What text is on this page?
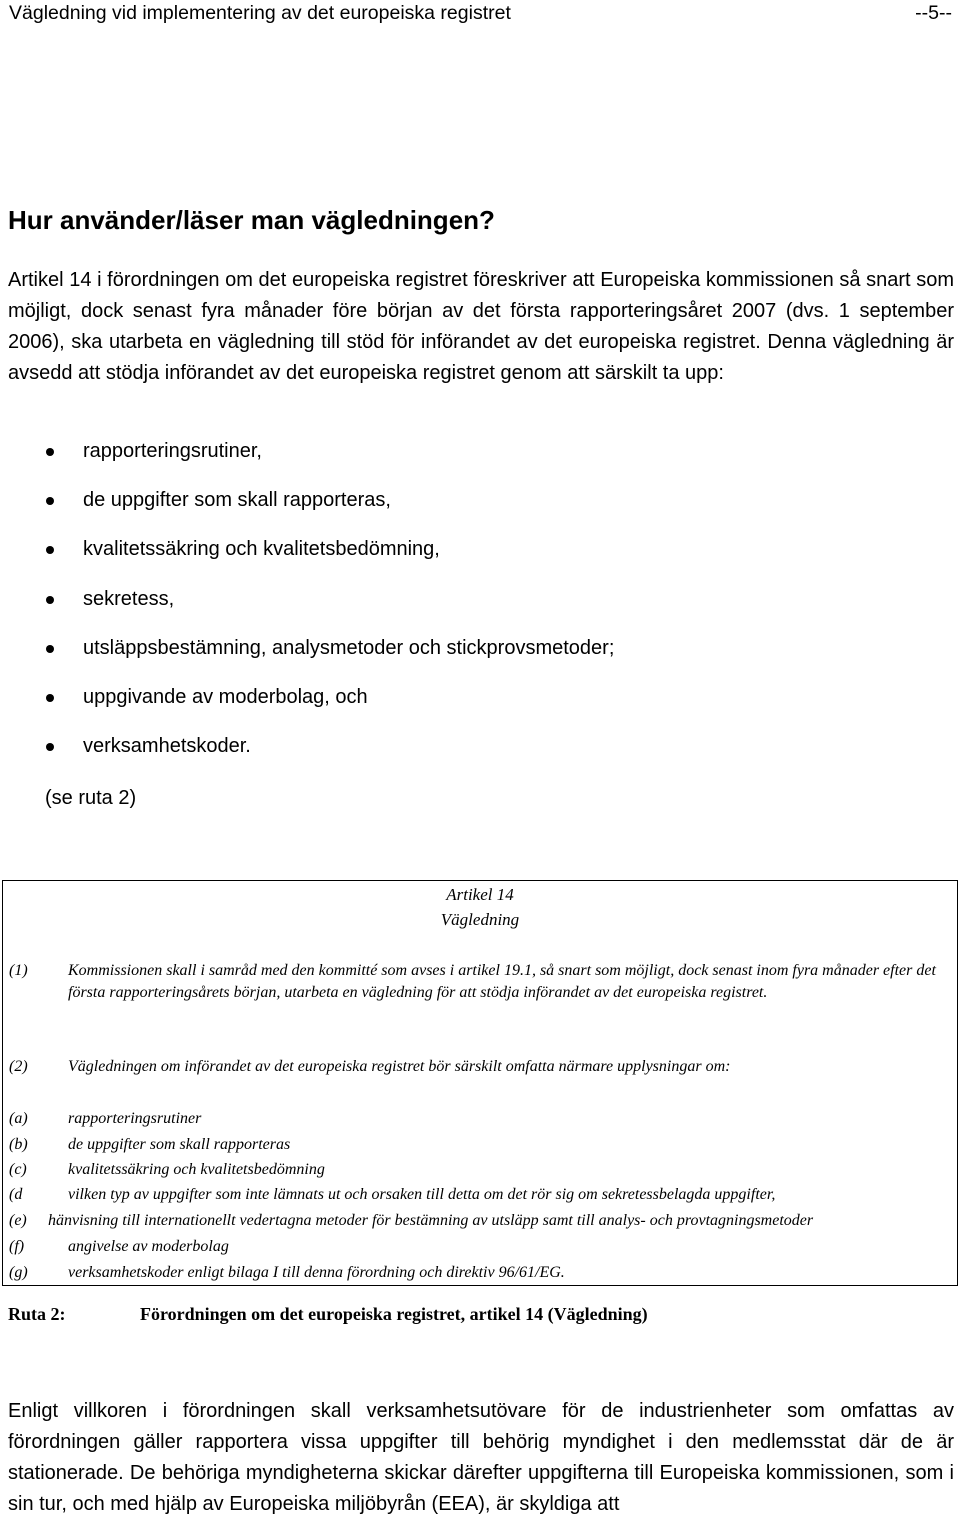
Vägledning vid implementering av det europeiska registret	--5--
Hur använder/läser man vägledningen?
Artikel 14 i förordningen om det europeiska registret föreskriver att Europeiska kommissionen så snart som möjligt, dock senast fyra månader före början av det första rapporteringsåret 2007 (dvs. 1 september 2006), ska utarbeta en vägledning till stöd för införandet av det europeiska registret. Denna vägledning är avsedd att stödja införandet av det europeiska registret genom att särskilt ta upp:
rapporteringsrutiner,
de uppgifter som skall rapporteras,
kvalitetssäkring och kvalitetsbedömning,
sekretess,
utsläppsbestämning, analysmetoder och stickprovsmetoder;
uppgivande av moderbolag, och
verksamhetskoder.
(se ruta 2)
Artikel 14
Vägledning
(1)	Kommissionen skall i samråd med den kommitté som avses i artikel 19.1, så snart som möjligt, dock senast inom fyra månader efter det första rapporteringsårets början, utarbeta en vägledning för att stödja införandet av det europeiska registret.
(2)	Vägledningen om införandet av det europeiska registret bör särskilt omfatta närmare upplysningar om:
(a)	rapporteringsrutiner
(b)	de uppgifter som skall rapporteras
(c)	kvalitetssäkring och kvalitetsbedömning
(d	vilken typ av uppgifter som inte lämnats ut och orsaken till detta om det rör sig om sekretessbelagda uppgifter,
(e) hänvisning till internationellt vedertagna metoder för bestämning av utsläpp samt till analys- och provtagningsmetoder
(f)	angivelse av moderbolag
(g)	verksamhetskoder enligt bilaga I till denna förordning och direktiv 96/61/EG.
Ruta 2:	Förordningen om det europeiska registret, artikel 14 (Vägledning)
Enligt villkoren i förordningen skall verksamhetsutövare för de industrienheter som omfattas av förordningen gäller rapportera vissa uppgifter till behörig myndighet i den medlemsstat där de är stationerade. De behöriga myndigheterna skickar därefter uppgifterna till Europeiska kommissionen, som i sin tur, och med hjälp av Europeiska miljöbyrån (EEA), är skyldiga att
